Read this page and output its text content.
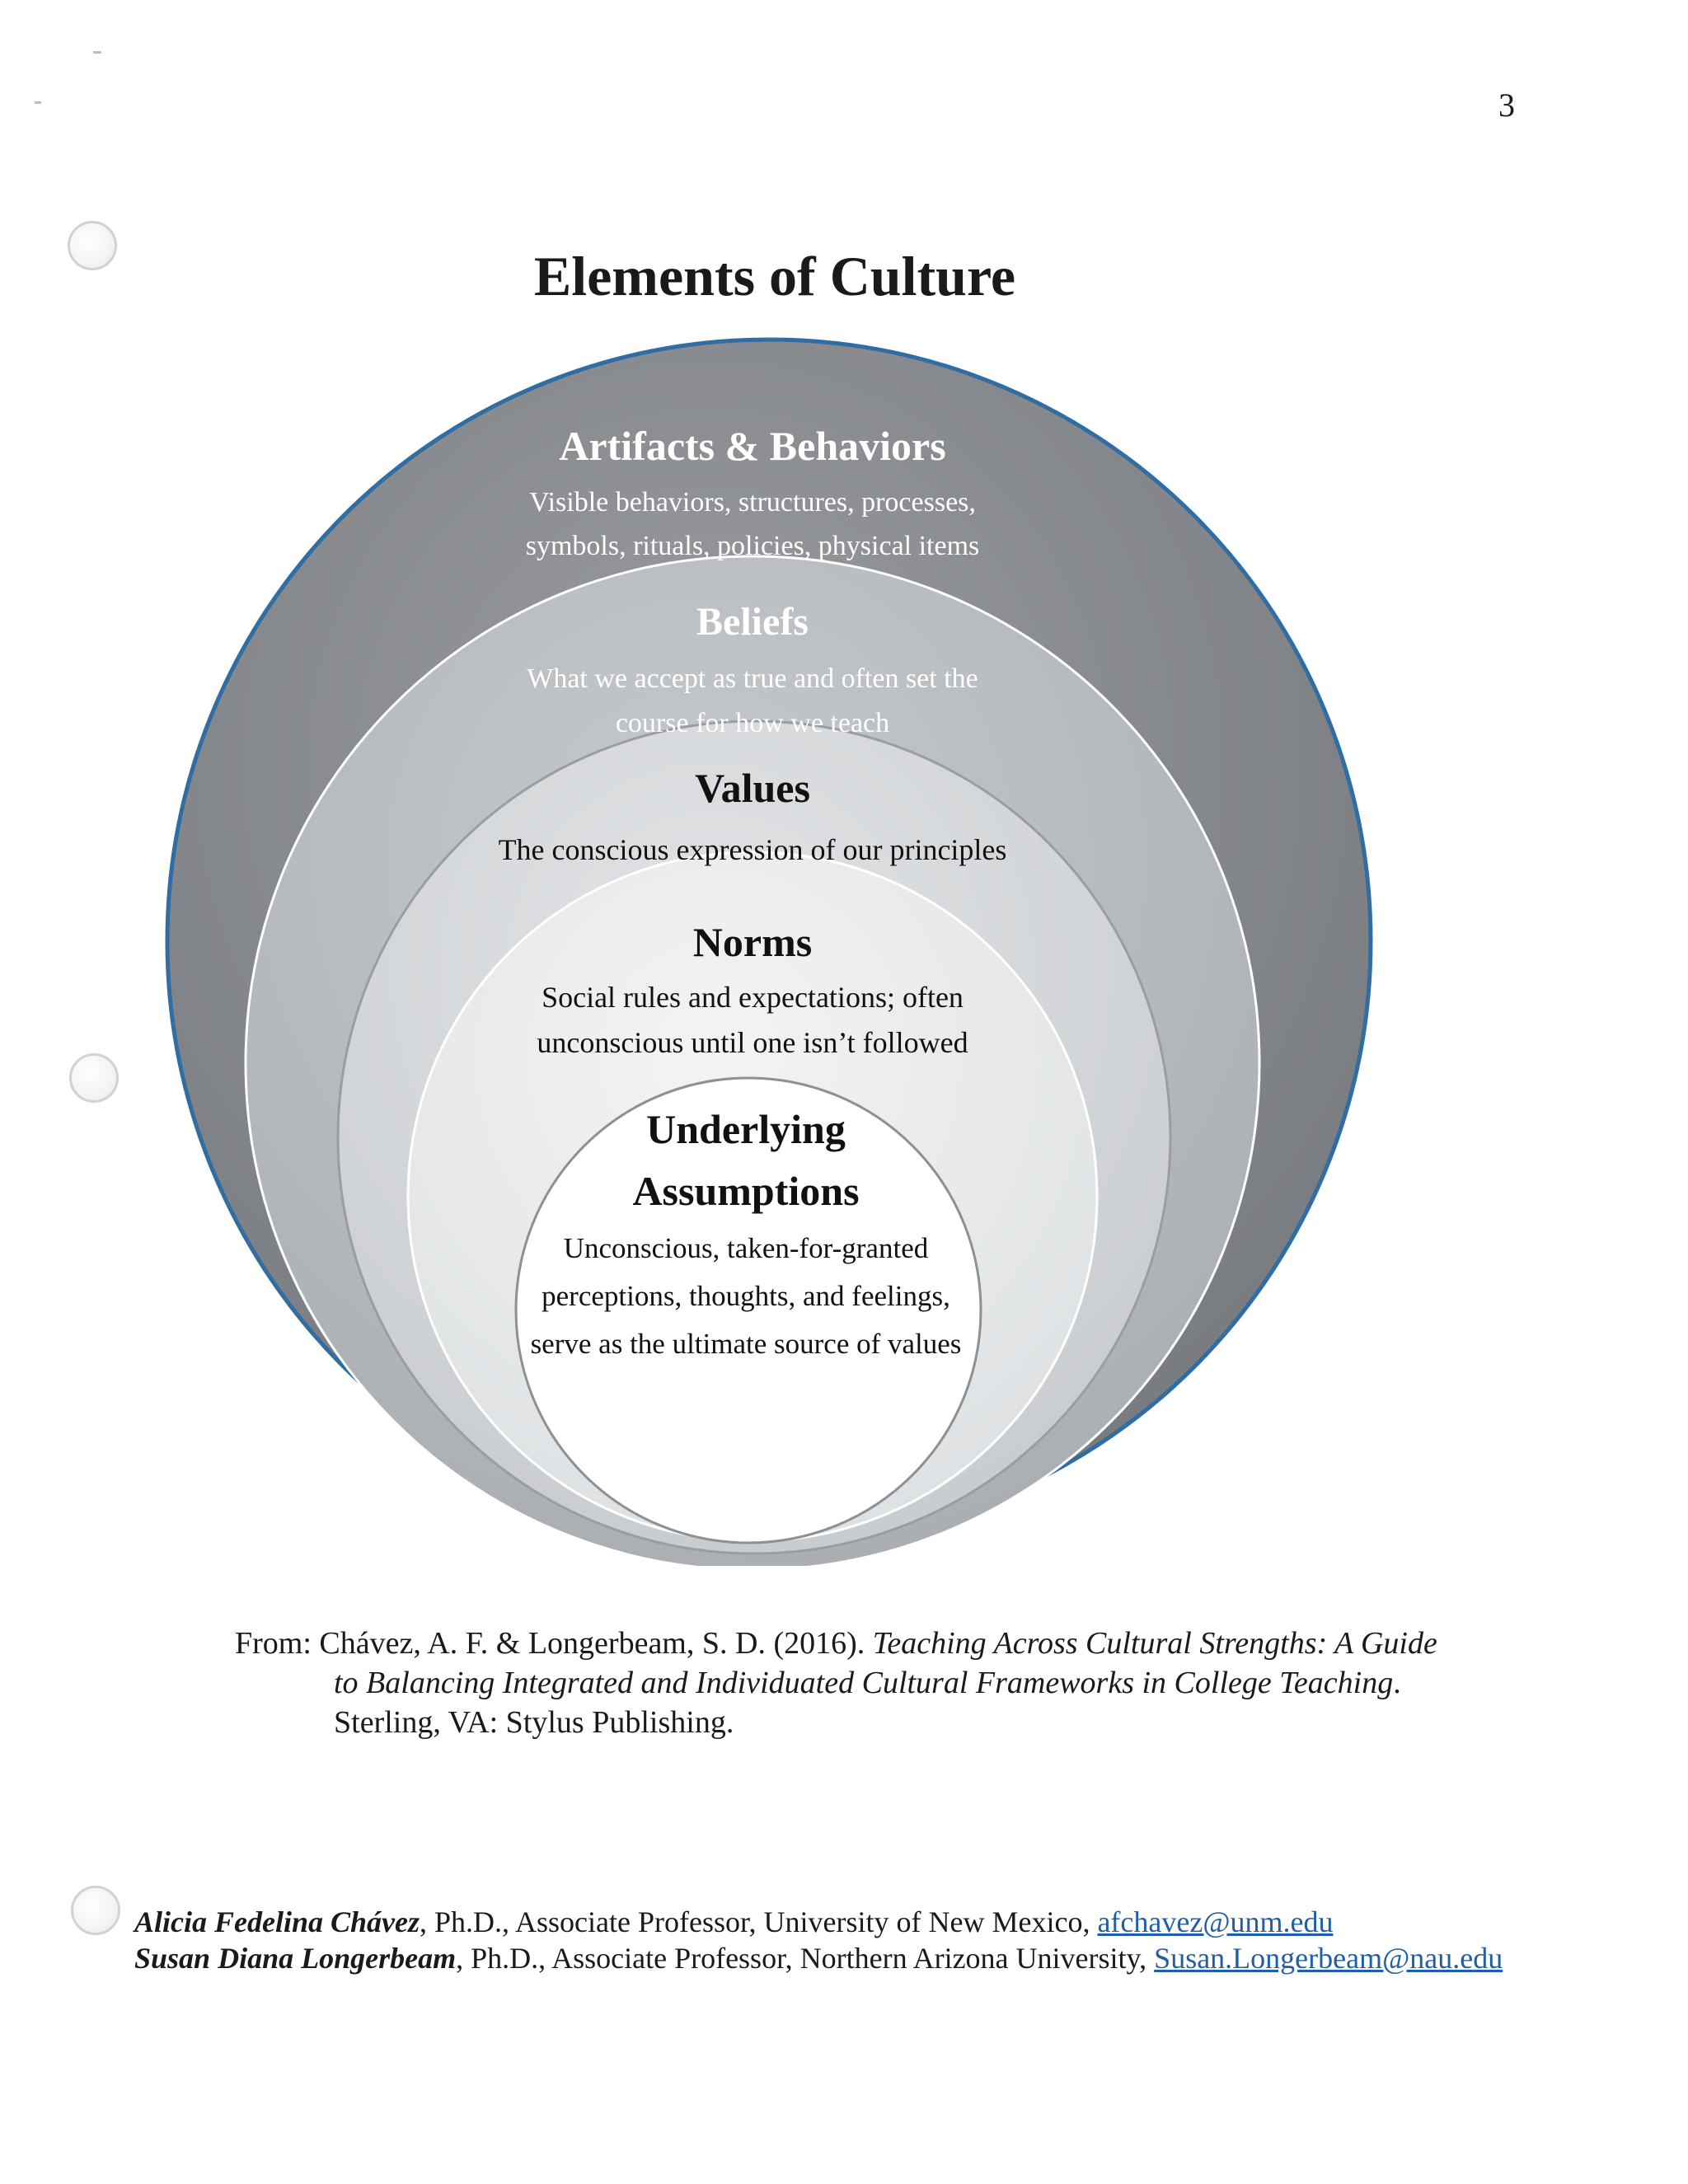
3
Elements of Culture
Artifacts & Behaviors
Visible behaviors, structures, processes,
symbols, rituals, policies, physical items
Beliefs
What we accept as true and often set the
course for how we teach
Values
The conscious expression of our principles
Norms
Social rules and expectations; often
unconscious until one isn’t followed
Underlying
Assumptions
Unconscious, taken-for-granted
perceptions, thoughts, and feelings,
serve as the ultimate source of values
From: Chávez, A. F. & Longerbeam, S. D. (2016). Teaching Across Cultural Strengths: A Guide
to Balancing Integrated and Individuated Cultural Frameworks in College Teaching.
Sterling, VA: Stylus Publishing.
Alicia Fedelina Chávez, Ph.D., Associate Professor, University of New Mexico, afchavez@unm.edu
Susan Diana Longerbeam, Ph.D., Associate Professor, Northern Arizona University, Susan.Longerbeam@nau.edu
